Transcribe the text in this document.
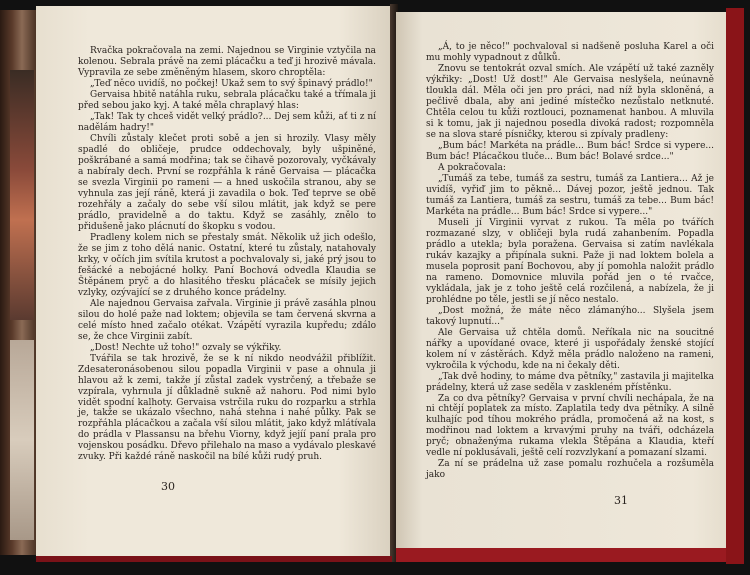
Rvačka pokračovala na zemi. Najednou se Virginie vztyčila na kolenou. Sebrala právě na zemi plácačku a teď ji hrozivě mávala. Vypravila ze sebe změněným hlasem, skoro chroptěla:

„Teď něco uvidíš, no počkej! Ukaž sem to svý špinavý prádlo!"

Gervaisa hbitě natáhla ruku, sebrala plácačku také a třímala ji před sebou jako kyj. A také měla chraplavý hlas:

„Tak! Tak ty chceš vidět velký prádlo?... Dej sem kůži, ať ti z ní nadělám hadry!"

Chvíli zůstaly klečet proti sobě a jen si hrozily. Vlasy měly spadlé do obličeje, prudce oddechovaly, byly ušpiněné, poškrábané a samá modřina; tak se čihavě pozorovaly, vyčkávaly a nabíraly dech. První se rozpřáhla k ráně Gervaisa — plácačka se svezla Virginii po rameni — a hned uskočila stranou, aby se vyhnula zas její ráně, která ji zavadila o bok. Teď teprve se obě rozehřály a začaly do sebe vší silou mlátit, jak když se pere prádlo, pravidelně a do taktu. Když se zasáhly, znělo to přidušeně jako plácnutí do škopku s vodou.

Pradleny kolem nich se přestaly smát. Několik už jich odešlo, že se jim z toho dělá nanic. Ostatní, které tu zůstaly, natahovaly krky, v očích jim svítila krutost a pochvalovaly si, jaké prý jsou to fešácké a nebojácné holky. Paní Bochová odvedla Klaudia se Štěpánem pryč a do hlasitého třesku plácaček se mísily jejich vzlyky, ozývající se z druhého konce prádelny.

Ale najednou Gervaisa zařvala. Virginie ji právě zasáhla plnou silou do holé paže nad loktem; objevila se tam červená skvrna a celé místo hned začalo otékat. Vzápětí vyrazila kupředu; zdálo se, že chce Virginii zabít.

„Dost! Nechte už toho!" ozvaly se výkřiky.

Tvářila se tak hrozivě, že se k ní nikdo neodvážil přiblížit. Zdesateronásobenou silou popadla Virginii v pase a ohnula ji hlavou až k zemi, takže jí zůstal zadek vystrčený, a třebaže se vzpírala, vyhrnula jí důkladně sukně až nahoru. Pod nimi bylo vidět spodní kalhoty. Gervaisa vstrčila ruku do rozparku a strhla je, takže se ukázalo všechno, nahá stehna i nahé půlky. Pak se rozpřáhla plácačkou a začala vší silou mlátit, jako když mlátívala do prádla v Plassansu na břehu Viorny, když jejíí paní prala pro vojenskou posádku. Dřevo přilehalo na maso a vydávalo pleskavé zvuky. Při každé ráně naskočil na bílé kůži rudý pruh.

30

„Á, to je něco!" pochvaloval si nadšeně posluha Karel a oči mu mohly vypadnout z důlků.

Znovu se tentokrát ozval smích. Ale vzápětí už také zazněly výkřiky: „Dost! Už dost!" Ale Gervaisa neslyšela, neúnavně tloukla dál. Měla oči jen pro práci, nad níž byla skloněná, a pečlivě dbala, aby ani jediné místečko nezůstalo netknuté. Chtěla celou tu kůži roztlouci, poznamenat hanbou. A mluvila si k tomu, jak ji najednou posedla divoká radost; rozpomněla se na slova staré písničky, kterou si zpívaly pradleny:

„Bum bác! Markéta na prádle... Bum bác! Srdce si vypere... Bum bác! Plácačkou tluče... Bum bác! Bolavé srdce..."

A pokračovala:

„Tumáš za tebe, tumáš za sestru, tumáš za Lantiera... Až je uvidíš, vyřiď jim to pěkně... Dávej pozor, ještě jednou. Tak tumáš za Lantiera, tumáš za sestru, tumáš za tebe... Bum bác! Markéta na prádle... Bum bác! Srdce si vypere..."

Museli jí Virginii vyrvat z rukou. Ta měla po tvářích rozmazané slzy, v obličeji byla rudá zahanbením. Popadla prádlo a utekla; byla poražena. Gervaisa si zatím navlékala rukáv kazajky a připínala sukni. Paže ji nad loktem bolela a musela poprosit paní Bochovou, aby jí pomohla naložit prádlo na rameno. Domovnice mluvila pořád jen o té rvačce, vykládala, jak je z toho ještě celá rozčilená, a nabízela, že ji prohlédne po těle, jestli se jí něco nestalo.

„Dost možná, že máte něco zlámanýho... Slyšela jsem takový lupnutí..."

Ale Gervaisa už chtěla domů. Neříkala nic na soucitné nářky a upovídané ovace, které ji uspořádaly ženské stojící kolem ní v zástěrách. Když měla prádlo naloženo na rameni, vykročila k východu, kde na ni čekaly děti.

„Tak dvě hodiny, to máme dva pětníky," zastavila ji majitelka prádelny, která už zase seděla v zaskleném přístěnku.

Za co dva pětníky? Gervaisa v první chvíli nechápala, že na ni chtějí poplatek za místo. Zaplatila tedy dva pětníky. A silně kulhajíc pod tíhou mokrého prádla, promočená až na kost, s modřinou nad loktem a krvavými pruhy na tváři, odcházela pryč; obnaženýma rukama vlekla Štěpána a Klaudia, kteří vedle ní poklusávali, ještě celí rozvzlykaní a pomazaní slzami.

Za ní se prádelna už zase pomalu rozhučela a rozšuměla jako

31
